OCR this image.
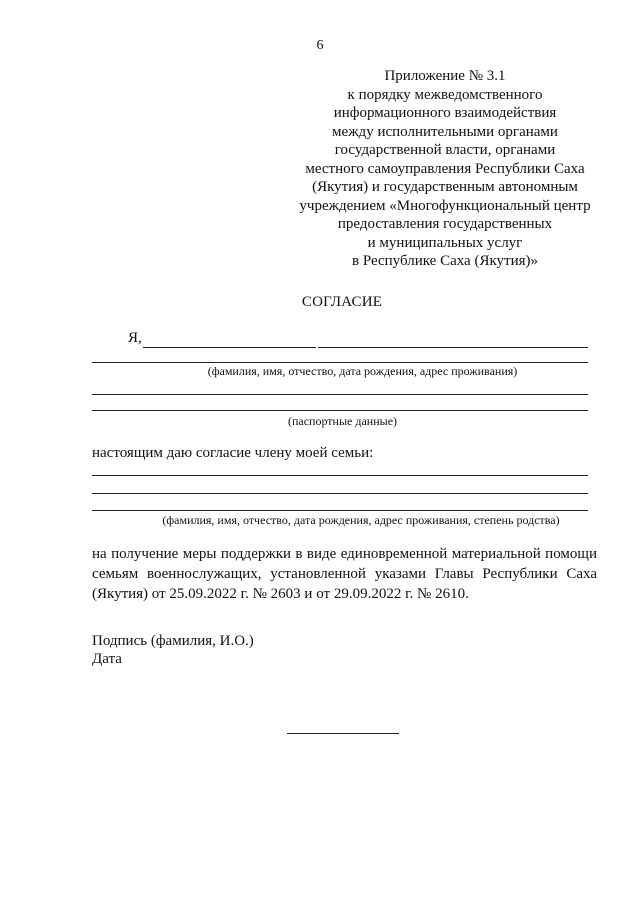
6
Приложение № 3.1
к порядку межведомственного
информационного взаимодействия
между исполнительными органами
государственной власти, органами
местного самоуправления Республики Саха
(Якутия) и государственным автономным
учреждением «Многофункциональный центр
предоставления государственных
и муниципальных услуг
в Республике Саха (Якутия)»
СОГЛАСИЕ
Я,
(фамилия, имя, отчество, дата рождения, адрес проживания)
(паспортные данные)
настоящим даю согласие члену моей семьи:
(фамилия, имя, отчество, дата рождения, адрес проживания, степень родства)
на получение меры поддержки в виде единовременной материальной помощи семьям военнослужащих, установленной указами Главы Республики Саха (Якутия) от 25.09.2022 г. № 2603 и от 29.09.2022 г. № 2610.
Подпись (фамилия, И.О.)
Дата
